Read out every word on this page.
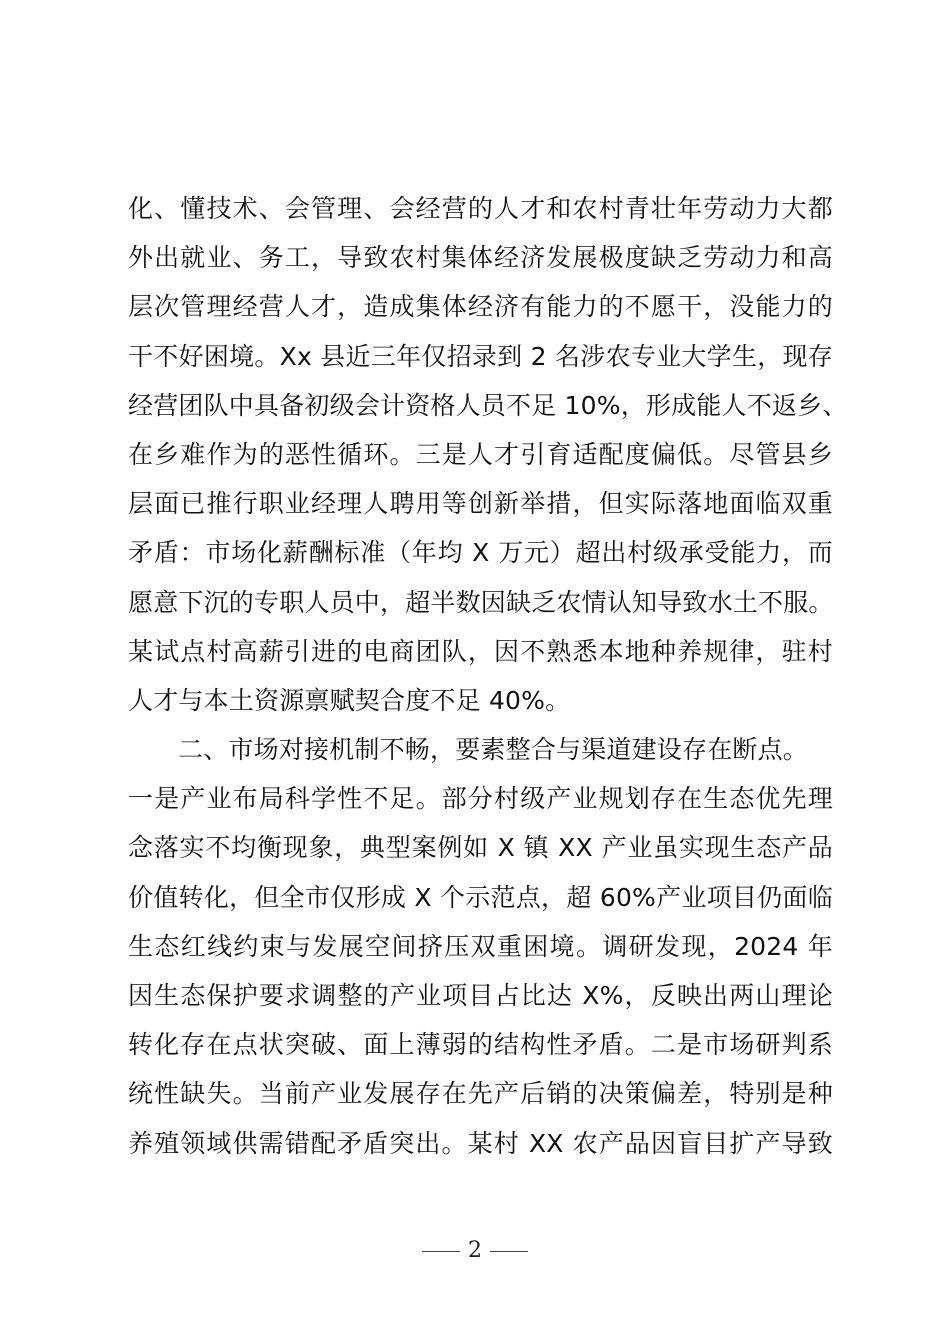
化、懂技术、会管理、会经营的人才和农村青壮年劳动力大都
外出就业、务工，导致农村集体经济发展极度缺乏劳动力和高
层次管理经营人才，造成集体经济有能力的不愿干，没能力的
干不好困境。Xx 县近三年仅招录到 2 名涉农专业大学生，现存
经营团队中具备初级会计资格人员不足 10%，形成能人不返乡、
在乡难作为的恶性循环。三是人才引育适配度偏低。尽管县乡
层面已推行职业经理人聘用等创新举措，但实际落地面临双重
矛盾：市场化薪酬标准（年均 X 万元）超出村级承受能力，而
愿意下沉的专职人员中，超半数因缺乏农情认知导致水土不服。
某试点村高薪引进的电商团队，因不熟悉本地种养规律，驻村
人才与本土资源禀赋契合度不足 40%。
二、市场对接机制不畅，要素整合与渠道建设存在断点。
一是产业布局科学性不足。部分村级产业规划存在生态优先理
念落实不均衡现象，典型案例如 X 镇 XX 产业虽实现生态产品
价值转化，但全市仅形成 X 个示范点，超 60%产业项目仍面临
生态红线约束与发展空间挤压双重困境。调研发现，2024 年
因生态保护要求调整的产业项目占比达 X%，反映出两山理论
转化存在点状突破、面上薄弱的结构性矛盾。二是市场研判系
统性缺失。当前产业发展存在先产后销的决策偏差，特别是种
养殖领域供需错配矛盾突出。某村 XX 农产品因盲目扩产导致
2
